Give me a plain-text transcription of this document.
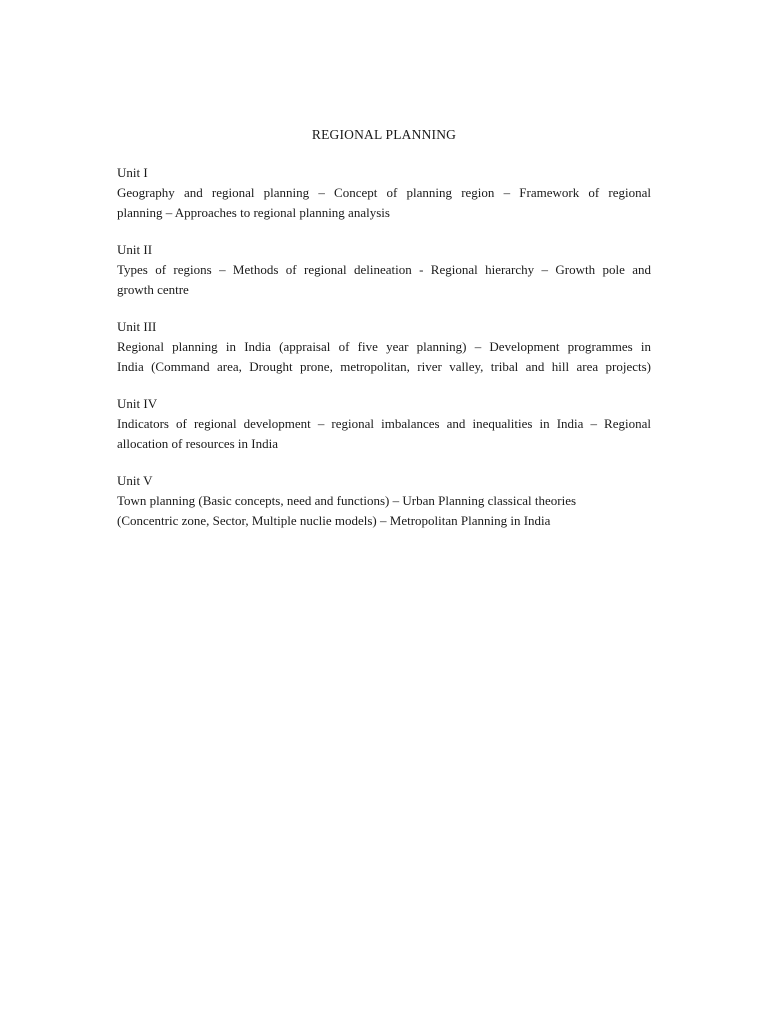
REGIONAL PLANNING
Unit I
Geography and regional planning – Concept of planning region – Framework of regional
planning – Approaches to regional planning analysis
Unit II
Types of regions – Methods of regional delineation - Regional hierarchy – Growth pole and
growth centre
Unit III
Regional planning in India (appraisal of five year planning) – Development programmes in
India (Command area, Drought prone, metropolitan, river valley, tribal and hill area projects)
Unit IV
Indicators of regional development – regional imbalances and inequalities in India – Regional
allocation of resources in India
Unit V
Town planning (Basic concepts, need and functions) – Urban Planning classical theories
(Concentric zone, Sector, Multiple nuclie models) – Metropolitan Planning in India
